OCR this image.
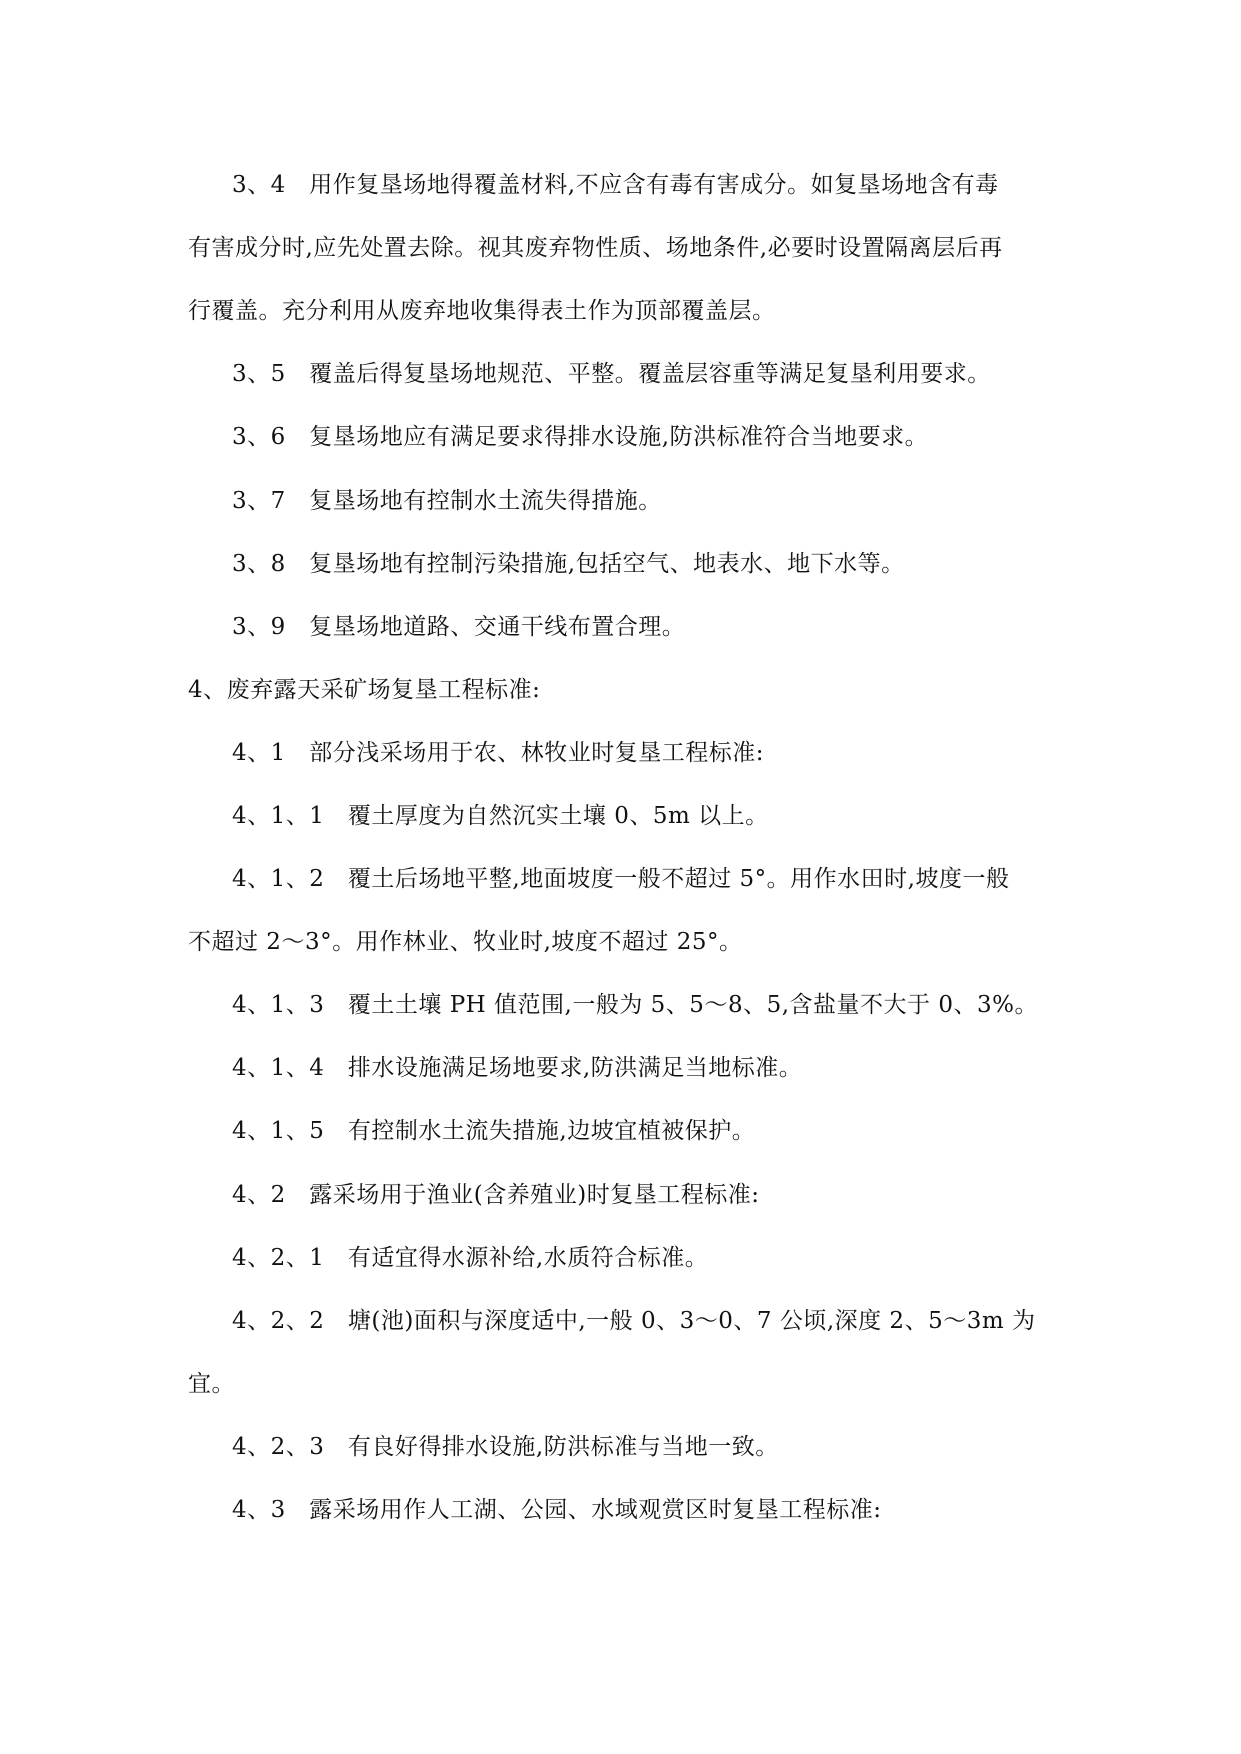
3、4　用作复垦场地得覆盖材料,不应含有毒有害成分。如复垦场地含有毒
有害成分时,应先处置去除。视其废弃物性质、场地条件,必要时设置隔离层后再
行覆盖。充分利用从废弃地收集得表土作为顶部覆盖层。
3、5　覆盖后得复垦场地规范、平整。覆盖层容重等满足复垦利用要求。
3、6　复垦场地应有满足要求得排水设施,防洪标准符合当地要求。
3、7　复垦场地有控制水土流失得措施。
3、8　复垦场地有控制污染措施,包括空气、地表水、地下水等。
3、9　复垦场地道路、交通干线布置合理。
4、废弃露天采矿场复垦工程标准:
4、1　部分浅采场用于农、林牧业时复垦工程标准:
4、1、1　覆土厚度为自然沉实土壤 0、5m 以上。
4、1、2　覆土后场地平整,地面坡度一般不超过 5°。用作水田时,坡度一般
不超过 2～3°。用作林业、牧业时,坡度不超过 25°。
4、1、3　覆土土壤 PH 值范围,一般为 5、5～8、5,含盐量不大于 0、3%。
4、1、4　排水设施满足场地要求,防洪满足当地标准。
4、1、5　有控制水土流失措施,边坡宜植被保护。
4、2　露采场用于渔业(含养殖业)时复垦工程标准:
4、2、1　有适宜得水源补给,水质符合标准。
4、2、2　塘(池)面积与深度适中,一般 0、3～0、7 公顷,深度 2、5～3m 为
宜。
4、2、3　有良好得排水设施,防洪标准与当地一致。
4、3　露采场用作人工湖、公园、水域观赏区时复垦工程标准:
